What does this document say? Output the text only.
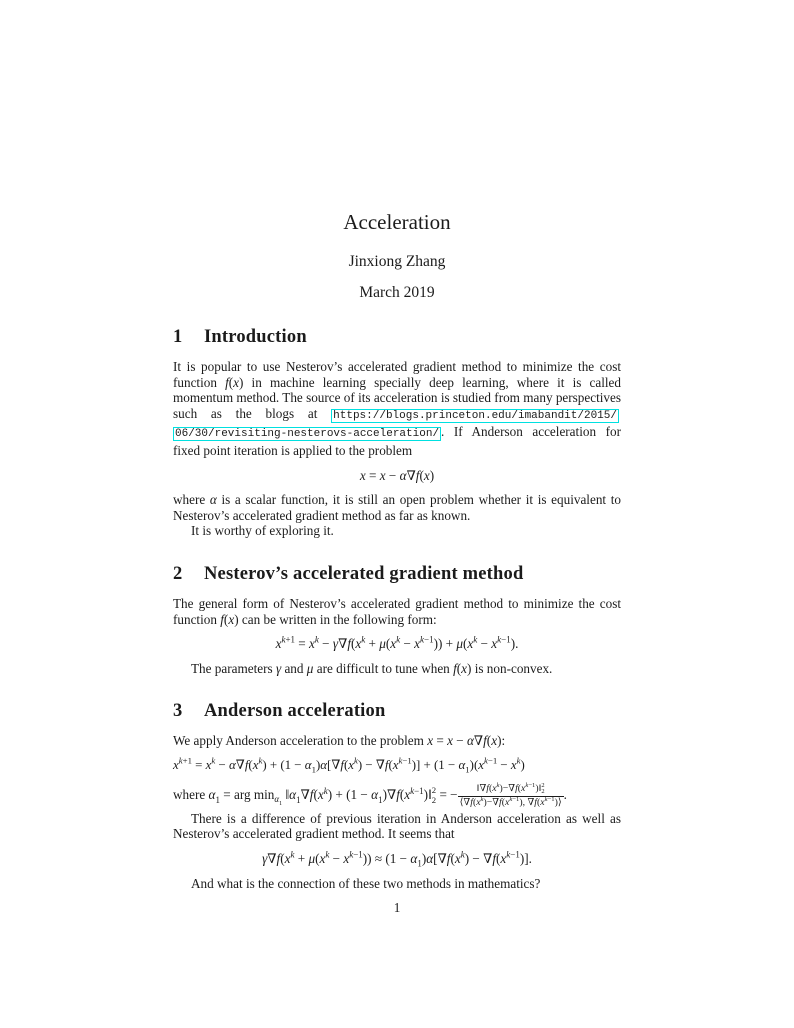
Acceleration
Jinxiong Zhang
March 2019
1 Introduction

It is popular to use Nesterov’s accelerated gradient method to minimize the cost function f(x) in machine learning specially deep learning, where it is called momentum method. The source of its acceleration is studied from many perspectives such as the blogs at https://blogs.princeton.edu/imabandit/2015/06/30/revisiting-nesterovs-acceleration/ . If Anderson acceleration for fixed point iteration is applied to the problem

x = x − α∇f(x)

where α is a scalar function, it is still an open problem whether it is equivalent to Nesterov’s accelerated gradient method as far as known.

It is worthy of exploring it.

2 Nesterov’s accelerated gradient method

The general form of Nesterov’s accelerated gradient method to minimize the cost function f(x) can be written in the following form:

$x^{k+1} = x^k - \gamma\nabla f(x^k + \mu(x^k - x^{k-1})) + \mu(x^k - x^{k-1})$.

The parameters γ and μ are difficult to tune when f(x) is non-convex.

3 Anderson acceleration

We apply Anderson acceleration to the problem x = x − α∇f(x):

$x^{k+1} = x^k - \alpha\nabla f(x^k) + (1 - \alpha_1)\alpha[\nabla f(x^k) - \nabla f(x^{k-1})] + (1 - \alpha_1)(x^{k-1} - x^k)$

where $\alpha_1$ = arg $\min_{\alpha_1}$ $‖\alpha_1\nabla f(x^k) + (1$ − $\alpha_1)\nabla f(x^{k-1})‖$ 2
2 = − $‖\nabla f(x^k)-\nabla f(x^{k-1})‖$ 2
2
$⟨\nabla f(x^k)-\nabla f(x^{k-1})$, $\nabla f(x^{k-1})⟩$ .

There is a difference of previous iteration in Anderson acceleration as well as Nesterov’s accelerated gradient method. It seems that

$\gamma\nabla f(x^k + \mu(x^k - x^{k-1})) \approx (1 - \alpha_1)\alpha[\nabla f(x^k) - \nabla f(x^{k-1})]$.

And what is the connection of these two methods in mathematics?

1
